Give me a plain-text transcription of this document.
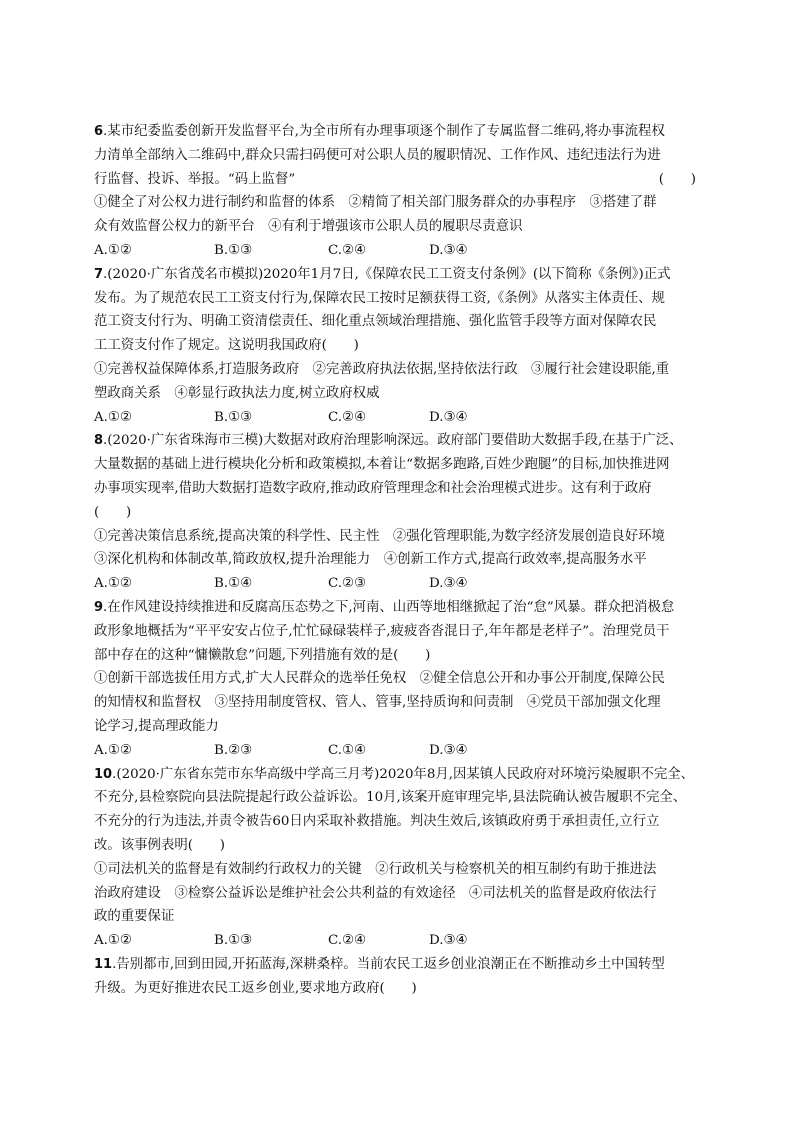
6.某市纪委监委创新开发监督平台,为全市所有办理事项逐个制作了专属监督二维码,将办事流程权
力清单全部纳入二维码中,群众只需扫码便可对公职人员的履职情况、工作作风、违纪违法行为进
行监督、投诉、举报。“码上监督”	(　　)
①健全了对公权力进行制约和监督的体系　②精简了相关部门服务群众的办事程序　③搭建了群
众有效监督公权力的新平台　④有利于增强该市公职人员的履职尽责意识
A.①②	B.①③	C.②④	D.③④
7.(2020·广东省茂名市模拟)2020年1月7日,《保障农民工工资支付条例》(以下简称《条例》)正式
发布。为了规范农民工工资支付行为,保障农民工按时足额获得工资,《条例》从落实主体责任、规
范工资支付行为、明确工资清偿责任、细化重点领域治理措施、强化监管手段等方面对保障农民
工工资支付作了规定。这说明我国政府(　　)
①完善权益保障体系,打造服务政府　②完善政府执法依据,坚持依法行政　③履行社会建设职能,重
塑政商关系　④彰显行政执法力度,树立政府权威
A.①②	B.①③	C.②④	D.③④
8.(2020·广东省珠海市三模)大数据对政府治理影响深远。政府部门要借助大数据手段,在基于广泛、
大量数据的基础上进行模块化分析和政策模拟,本着让“数据多跑路,百姓少跑腿”的目标,加快推进网
办事项实现率,借助大数据打造数字政府,推动政府管理理念和社会治理模式进步。这有利于政府
(　　)
①完善决策信息系统,提高决策的科学性、民主性　②强化管理职能,为数字经济发展创造良好环境
③深化机构和体制改革,简政放权,提升治理能力　④创新工作方式,提高行政效率,提高服务水平
A.①②	B.①④	C.②③	D.③④
9.在作风建设持续推进和反腐高压态势之下,河南、山西等地相继掀起了治“怠”风暴。群众把消极怠
政形象地概括为“平平安安占位子,忙忙碌碌装样子,疲疲沓沓混日子,年年都是老样子”。治理党员干
部中存在的这种“慵懒散怠”问题,下列措施有效的是(　　)
①创新干部选拔任用方式,扩大人民群众的选举任免权　②健全信息公开和办事公开制度,保障公民
的知情权和监督权　③坚持用制度管权、管人、管事,坚持质询和问责制　④党员干部加强文化理
论学习,提高理政能力
A.①②	B.②③	C.①④	D.③④
10.(2020·广东省东莞市东华高级中学高三月考)2020年8月,因某镇人民政府对环境污染履职不完全、
不充分,县检察院向县法院提起行政公益诉讼。10月,该案开庭审理完毕,县法院确认被告履职不完全、
不充分的行为违法,并责令被告60日内采取补救措施。判决生效后,该镇政府勇于承担责任,立行立
改。该事例表明(　　)
①司法机关的监督是有效制约行政权力的关键　②行政机关与检察机关的相互制约有助于推进法
治政府建设　③检察公益诉讼是维护社会公共利益的有效途径　④司法机关的监督是政府依法行
政的重要保证
A.①②	B.①③	C.②④	D.③④
11.告别都市,回到田园,开拓蓝海,深耕桑梓。当前农民工返乡创业浪潮正在不断推动乡土中国转型
升级。为更好推进农民工返乡创业,要求地方政府(　　)
